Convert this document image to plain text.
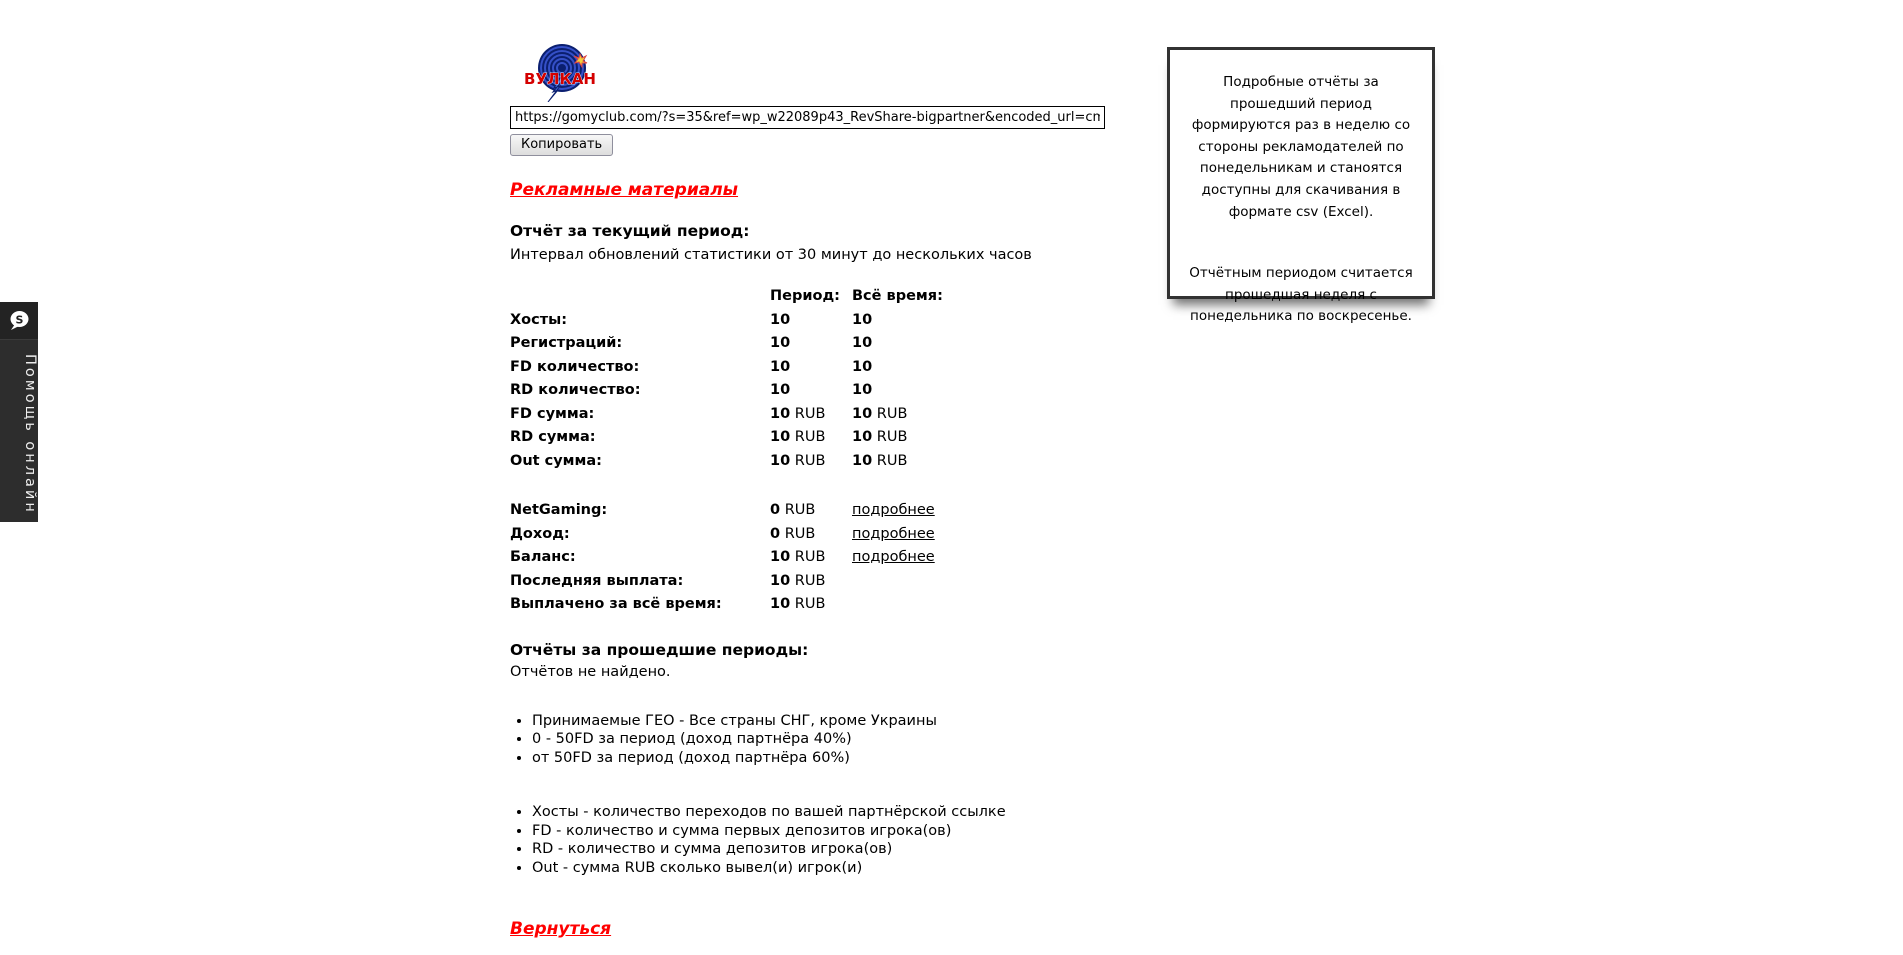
ВУЛКАН
https://gomyclub.com/?s=35&ref=wp_w22089p43_RevShare-bigpartner&encoded_url=cmVnaXN Копировать
Рекламные материалы
Отчёт за текущий период:
Интервал обновлений статистики от 30 минут до нескольких часов
Период: Всё время:
Хосты:	10	10
Регистраций:	10	10
FD количество:	10	10
RD количество:	10	10
FD сумма:	10 RUB	10 RUB
RD сумма:	10 RUB	10 RUB
Out сумма:	10 RUB	10 RUB
NetGaming:	0 RUB	подробнее
Доход:	0 RUB	подробнее
Баланс:	10 RUB	подробнее
Последняя выплата:	10 RUB
Выплачено за всё время:	10 RUB
Отчёты за прошедшие периоды:
Отчётов не найдено.
• Принимаемые ГЕО - Все страны СНГ, кроме Украины
• 0 - 50FD за период (доход партнёра 40%)
• от 50FD за период (доход партнёра 60%)
• Хосты - количество переходов по вашей партнёрской ссылке
• FD - количество и сумма первых депозитов игрока(ов)
• RD - количество и сумма депозитов игрока(ов)
• Out - сумма RUB сколько вывел(и) игрок(и)
Вернуться

Подробные отчёты за прошедший период формируются раз в неделю со стороны рекламодателей по понедельникам и станоятся доступны для скачивания в формате csv (Excel).

Отчётным периодом считается прошедшая неделя с понедельника по воскресенье.

S
Помощь онлайн
